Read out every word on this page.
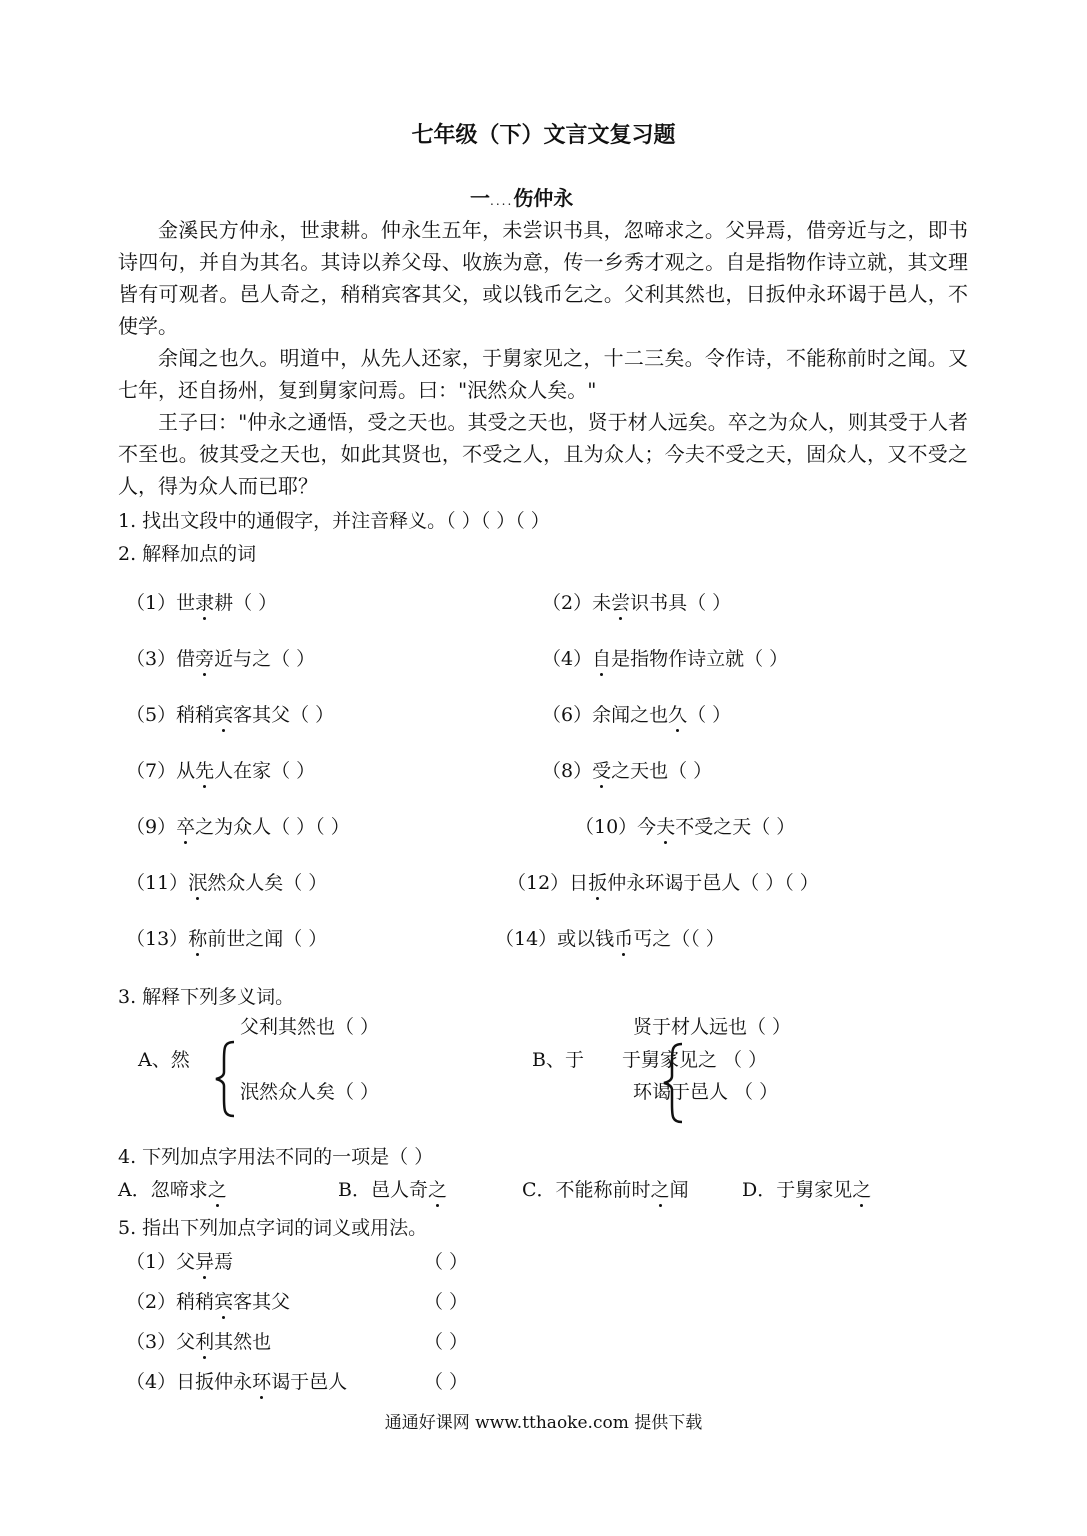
七年级（下）文言文复习题
一....伤仲永
金溪民方仲永，世隶耕。仲永生五年，未尝识书具，忽啼求之。父异焉，借旁近与之，即书诗四句，并自为其名。其诗以养父母、收族为意，传一乡秀才观之。自是指物作诗立就，其文理皆有可观者。邑人奇之，稍稍宾客其父，或以钱币乞之。父利其然也，日扳仲永环谒于邑人，不使学。
余闻之也久。明道中，从先人还家，于舅家见之，十二三矣。令作诗，不能称前时之闻。又七年，还自扬州，复到舅家问焉。曰："泯然众人矣。"
王子曰："仲永之通悟，受之天也。其受之天也，贤于材人远矣。卒之为众人，则其受于人者不至也。彼其受之天也，如此其贤也，不受之人，且为众人；今夫不受之天，固众人，又不受之人，得为众人而已耶？
1. 找出文段中的通假字，并注音释义。（ ）（ ）（ ）
2. 解释加点的词
（1）世隶耕（ ）	（2）未尝识书具（ ）
（3）借旁近与之（ ）	（4）自是指物作诗立就（ ）
（5）稍稍宾客其父（ ）	（6）余闻之也久（ ）
（7）从先人在家（ ）	（8）受之天也（ ）
（9）卒之为众人（ ）（ ）	（10）今夫不受之天（ ）
（11）泯然众人矣（ ）	（12）日扳仲永环谒于邑人（ ）（ ）
（13）称前世之闻（ ）	（14）或以钱币丐之（（ ）
3. 解释下列多义词。
父利其然也（ ）
A、然
泯然众人矣（ ）
贤于材人远也（ ）
B、于 于舅家见之 （ ）
环谒于邑人 （ ）
4. 下列加点字用法不同的一项是（ ）
A．忽啼求之	B．邑人奇之	C．不能称前时之闻	D．于舅家见之
5. 指出下列加点字词的词义或用法。
（1）父异焉	（ ）
（2）稍稍宾客其父	（ ）
（3）父利其然也	（ ）
（4）日扳仲永环谒于邑人	（ ）
通通好课网 www.tthaoke.com 提供下载
